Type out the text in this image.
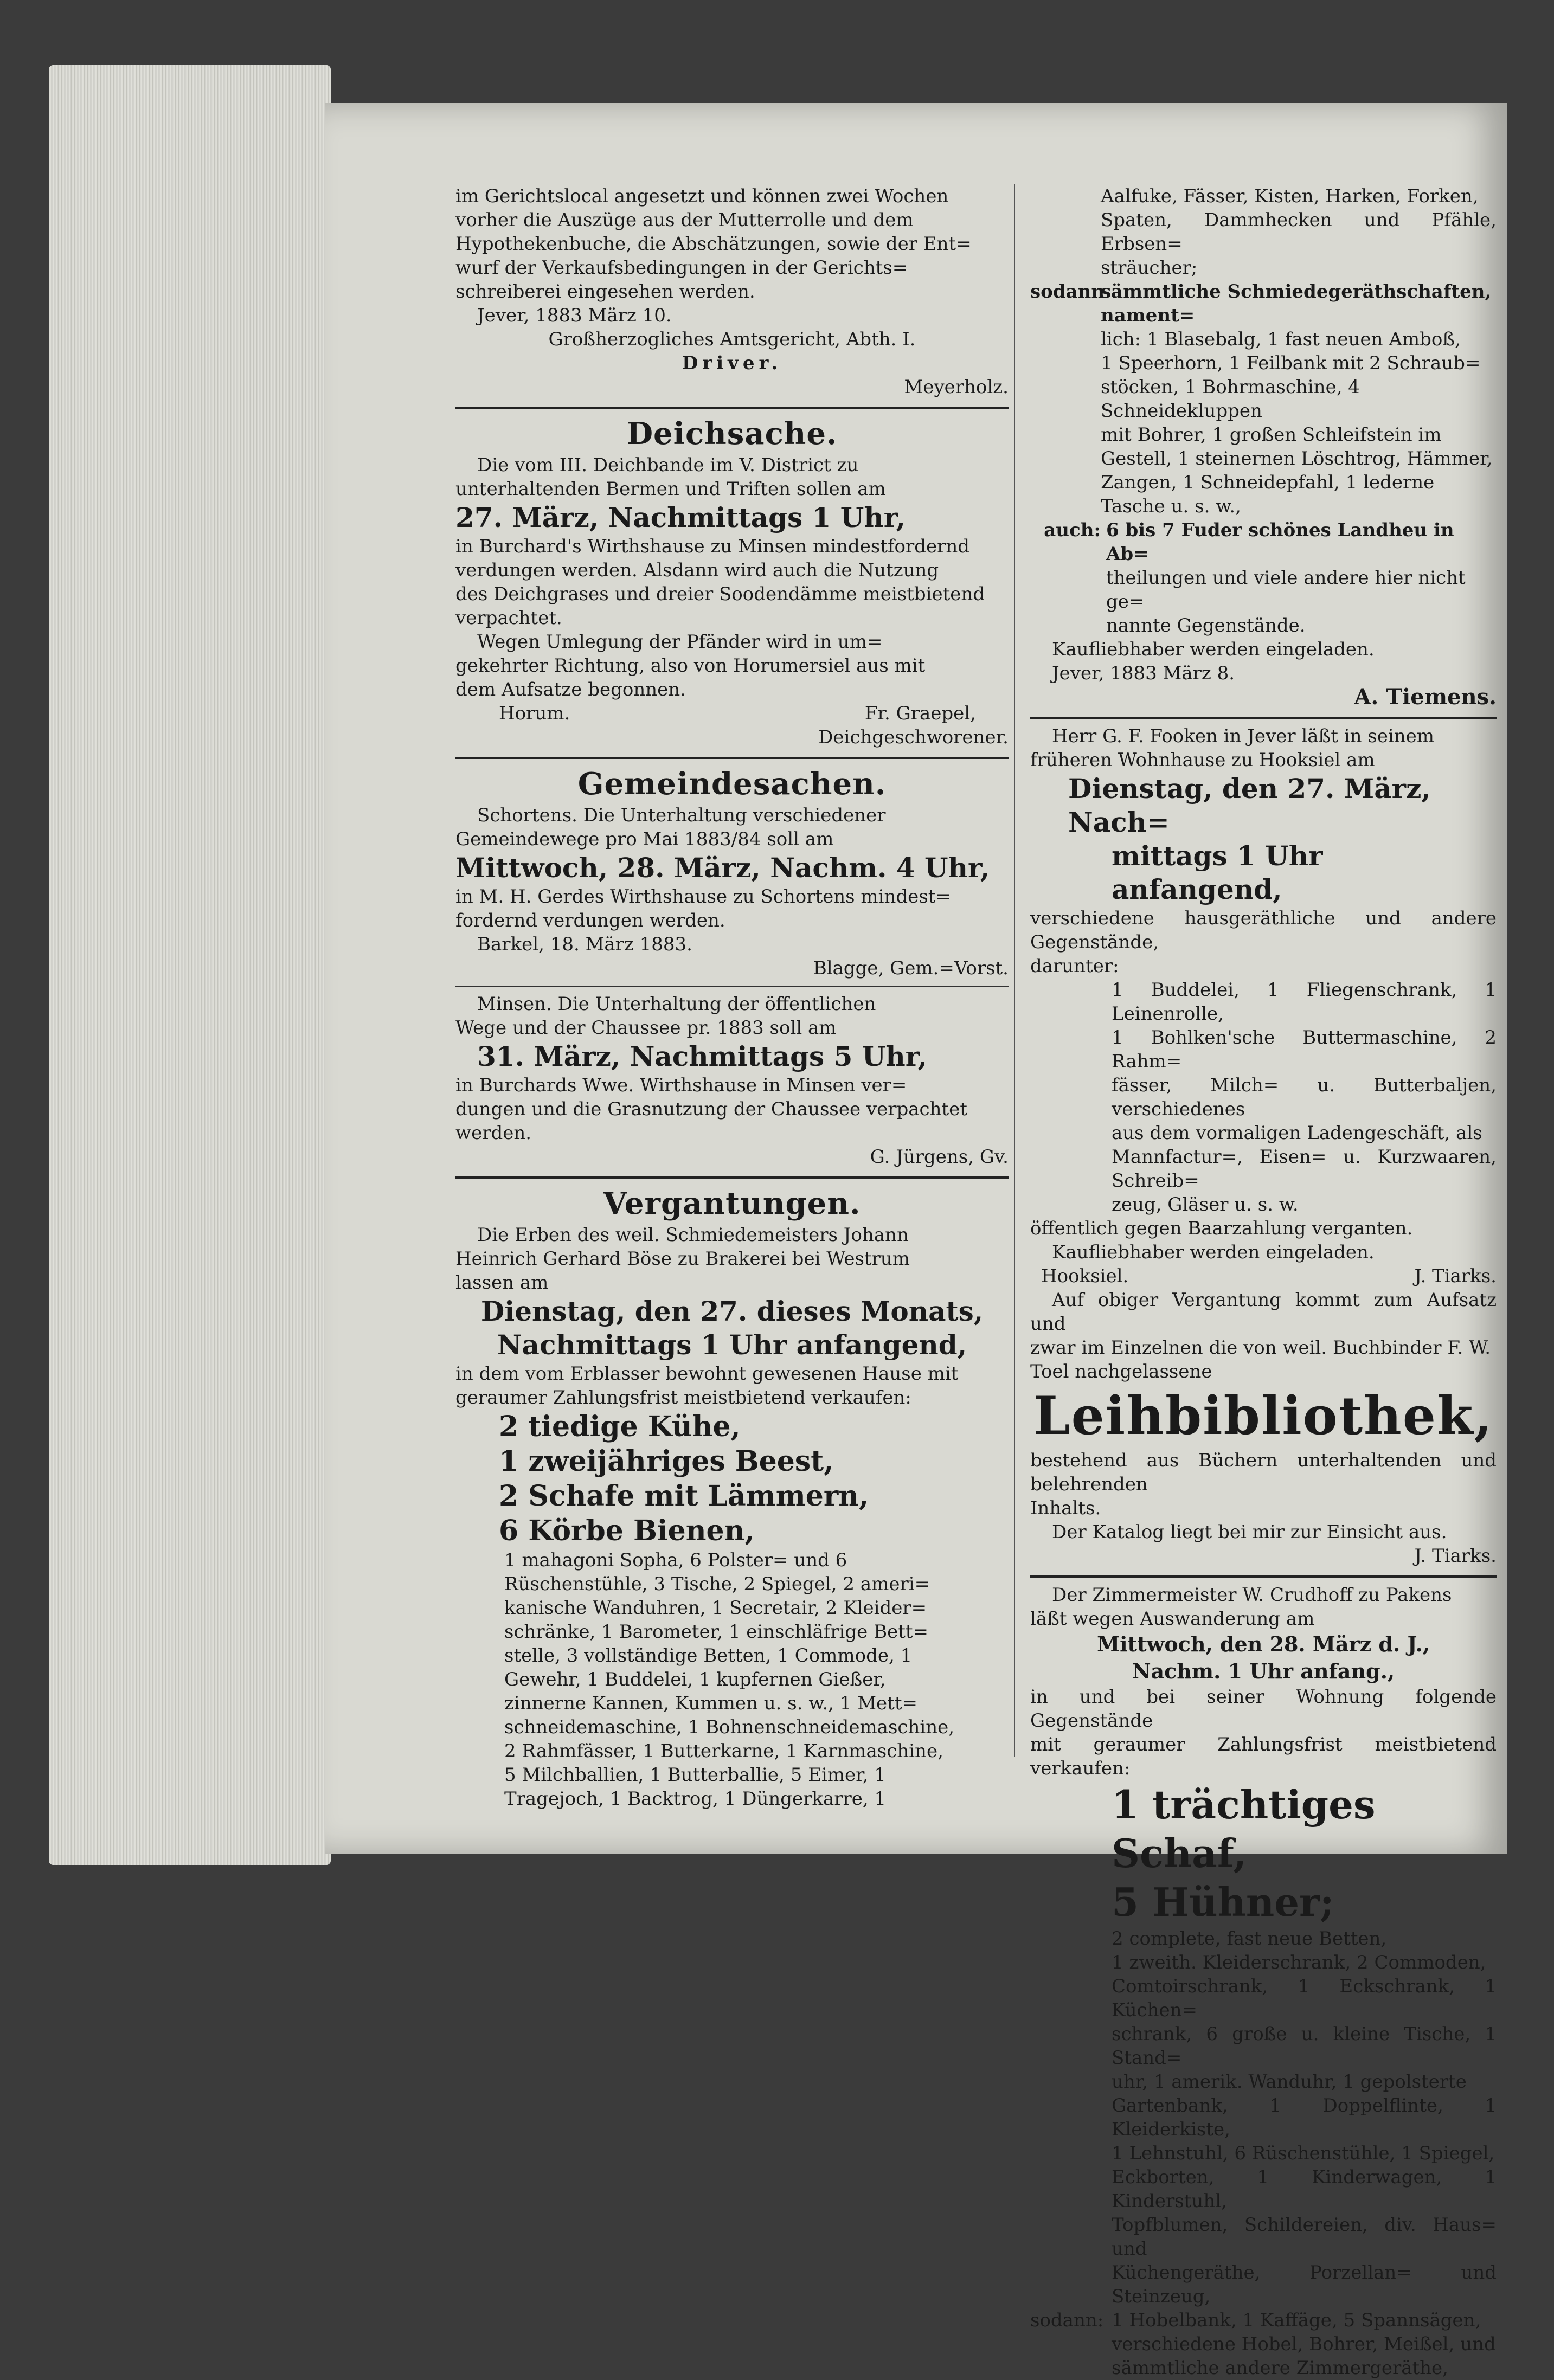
im Gerichtslocal angesetzt und können zwei Wochen

vorher die Auszüge aus der Mutterrolle und dem

Hypothekenbuche, die Abschätzungen, sowie der Ent=

wurf der Verkaufsbedingungen in der Gerichts=

schreiberei eingesehen werden.

Jever, 1883 März 10.

Großherzogliches Amtsgericht, Abth. I.

Driver.

Meyerholz.

Deichsache.

Die vom III. Deichbande im V. District zu

unterhaltenden Bermen und Triften sollen am

27. März, Nachmittags 1 Uhr,

in Burchard's Wirthshause zu Minsen mindestfordernd

verdungen werden. Alsdann wird auch die Nutzung

des Deichgrases und dreier Soodendämme meistbietend

verpachtet.

Wegen Umlegung der Pfänder wird in um=

gekehrter Richtung, also von Horumersiel aus mit

dem Aufsatze begonnen.

Horum.	Fr. Graepel,

Deichgeschworener.

Gemeindesachen.

Schortens. Die Unterhaltung verschiedener

Gemeindewege pro Mai 1883/84 soll am

Mittwoch, 28. März, Nachm. 4 Uhr,

in M. H. Gerdes Wirthshause zu Schortens mindest=

fordernd verdungen werden.

Barkel, 18. März 1883.

Blagge, Gem.=Vorst.

Minsen. Die Unterhaltung der öffentlichen

Wege und der Chaussee pr. 1883 soll am

31. März, Nachmittags 5 Uhr,

in Burchards Wwe. Wirthshause in Minsen ver=

dungen und die Grasnutzung der Chaussee verpachtet

werden.

G. Jürgens, Gv.

Vergantungen.

Die Erben des weil. Schmiedemeisters Johann

Heinrich Gerhard Böse zu Brakerei bei Westrum

lassen am

Dienstag, den 27. dieses Monats,
Nachmittags 1 Uhr anfangend,

in dem vom Erblasser bewohnt gewesenen Hause mit

geraumer Zahlungsfrist meistbietend verkaufen:

2 tiedige Kühe,
1 zweijähriges Beest,
2 Schafe mit Lämmern,
6 Körbe Bienen,

1 mahagoni Sopha, 6 Polster= und 6

Rüschenstühle, 3 Tische, 2 Spiegel, 2 ameri=

kanische Wanduhren, 1 Secretair, 2 Kleider=

schränke, 1 Barometer, 1 einschläfrige Bett=

stelle, 3 vollständige Betten, 1 Commode, 1

Gewehr, 1 Buddelei, 1 kupfernen Gießer,

zinnerne Kannen, Kummen u. s. w., 1 Mett=

schneidemaschine, 1 Bohnenschneidemaschine,

2 Rahmfässer, 1 Butterkarne, 1 Karnmaschine,

5 Milchballien, 1 Butterballie, 5 Eimer, 1

Tragejoch, 1 Backtrog, 1 Düngerkarre, 1

Aalfuke, Fässer, Kisten, Harken, Forken,

Spaten, Dammhecken und Pfähle, Erbsen=

sträucher;

sodann

sämmtliche Schmiedegeräthschaften, nament=

lich: 1 Blasebalg, 1 fast neuen Amboß,

1 Speerhorn, 1 Feilbank mit 2 Schraub=

stöcken, 1 Bohrmaschine, 4 Schneidekluppen

mit Bohrer, 1 großen Schleifstein im

Gestell, 1 steinernen Löschtrog, Hämmer,

Zangen, 1 Schneidepfahl, 1 lederne

Tasche u. s. w.,

auch: 6 bis 7 Fuder schönes Landheu in Ab=

theilungen und viele andere hier nicht ge=

nannte Gegenstände.

Kaufliebhaber werden eingeladen.

Jever, 1883 März 8.

A. Tiemens.

Herr G. F. Fooken in Jever läßt in seinem

früheren Wohnhause zu Hooksiel am

Dienstag, den 27. März, Nach=
mittags 1 Uhr anfangend,

verschiedene hausgeräthliche und andere Gegenstände,

darunter:

1 Buddelei, 1 Fliegenschrank, 1 Leinenrolle,

1 Bohlken'sche Buttermaschine, 2 Rahm=

fässer, Milch= u. Butterbaljen, verschiedenes

aus dem vormaligen Ladengeschäft, als

Mannfactur=, Eisen= u. Kurzwaaren, Schreib=

zeug, Gläser u. s. w.

öffentlich gegen Baarzahlung verganten.

Kaufliebhaber werden eingeladen.

Hooksiel.	J. Tiarks.

Auf obiger Vergantung kommt zum Aufsatz und

zwar im Einzelnen die von weil. Buchbinder F. W.

Toel nachgelassene

Leihbibliothek,

bestehend aus Büchern unterhaltenden und belehrenden

Inhalts.

Der Katalog liegt bei mir zur Einsicht aus.

J. Tiarks.

Der Zimmermeister W. Crudhoff zu Pakens

läßt wegen Auswanderung am

Mittwoch, den 28. März d. J.,
Nachm. 1 Uhr anfang.,

in und bei seiner Wohnung folgende Gegenstände

mit geraumer Zahlungsfrist meistbietend verkaufen:

1 trächtiges Schaf,
5 Hühner;

2 complete, fast neue Betten,

1 zweith. Kleiderschrank, 2 Commoden,

Comtoirschrank, 1 Eckschrank, 1 Küchen=

schrank, 6 große u. kleine Tische, 1 Stand=

uhr, 1 amerik. Wanduhr, 1 gepolsterte

Gartenbank, 1 Doppelflinte, 1 Kleiderkiste,

1 Lehnstuhl, 6 Rüschenstühle, 1 Spiegel,

Eckborten, 1 Kinderwagen, 1 Kinderstuhl,

Topfblumen, Schildereien, div. Haus= und

Küchengeräthe, Porzellan= und Steinzeug,

sodann: 1 Hobelbank, 1 Kaffäge, 5 Spannsägen,

verschiedene Hobel, Bohrer, Meißel, und

sämmtliche andere Zimmergeräthe,
